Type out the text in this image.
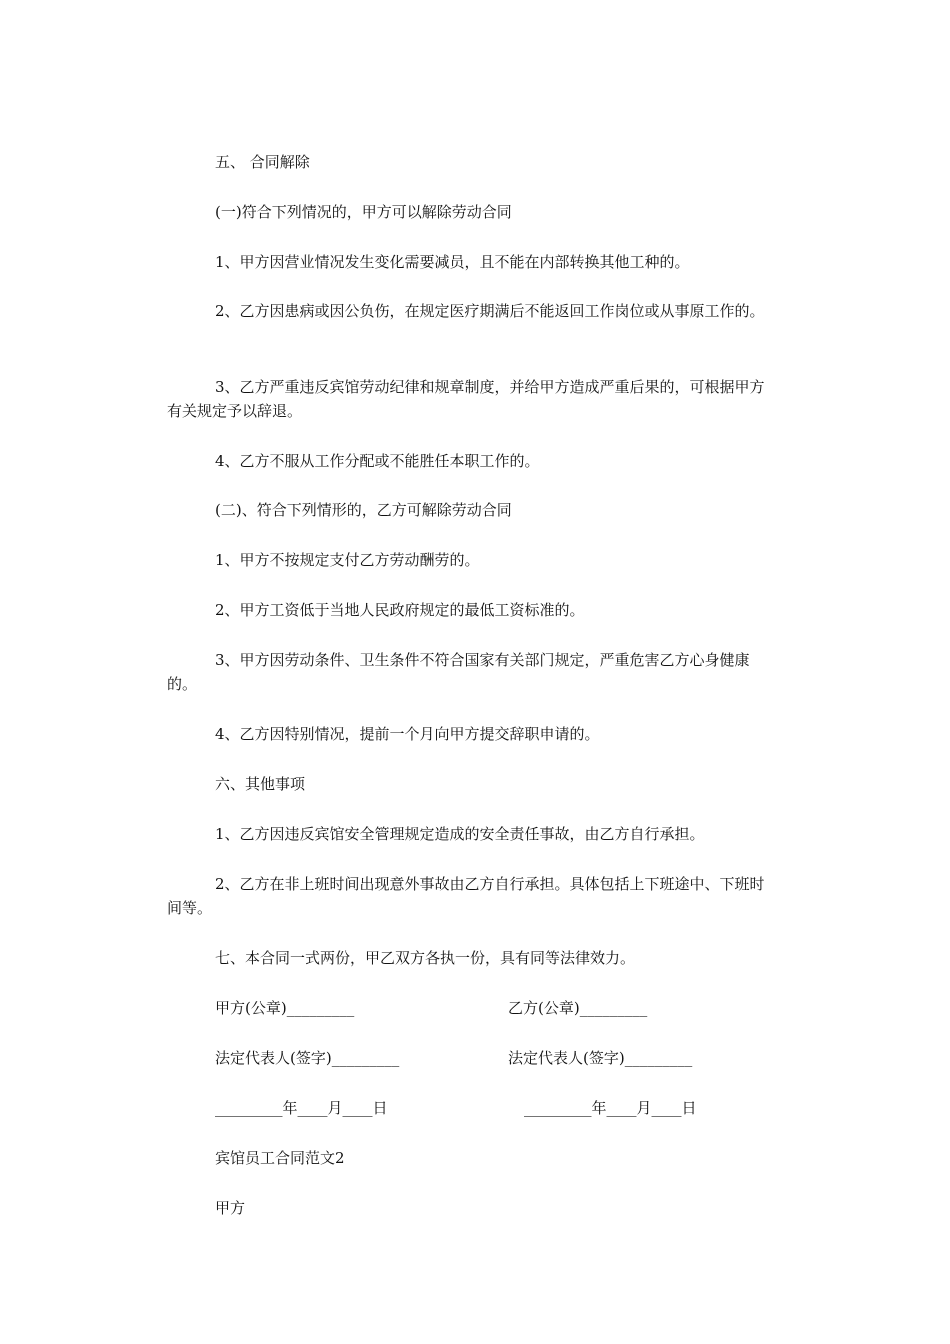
五、 合同解除
(一)符合下列情况的，甲方可以解除劳动合同
1、甲方因营业情况发生变化需要减员，且不能在内部转换其他工种的。
2、乙方因患病或因公负伤，在规定医疗期满后不能返回工作岗位或从事原工作的。
3、乙方严重违反宾馆劳动纪律和规章制度，并给甲方造成严重后果的，可根据甲方有关规定予以辞退。
4、乙方不服从工作分配或不能胜任本职工作的。
(二)、符合下列情形的，乙方可解除劳动合同
1、甲方不按规定支付乙方劳动酬劳的。
2、甲方工资低于当地人民政府规定的最低工资标准的。
3、甲方因劳动条件、卫生条件不符合国家有关部门规定，严重危害乙方心身健康的。
4、乙方因特别情况，提前一个月向甲方提交辞职申请的。
六、其他事项
1、乙方因违反宾馆安全管理规定造成的安全责任事故，由乙方自行承担。
2、乙方在非上班时间出现意外事故由乙方自行承担。具体包括上下班途中、下班时间等。
七、本合同一式两份，甲乙双方各执一份，具有同等法律效力。
甲方(公章)_________	乙方(公章)_________
法定代表人(签字)_________	法定代表人(签字)_________
_________年____月____日	_________年____月____日
宾馆员工合同范文2
甲方
